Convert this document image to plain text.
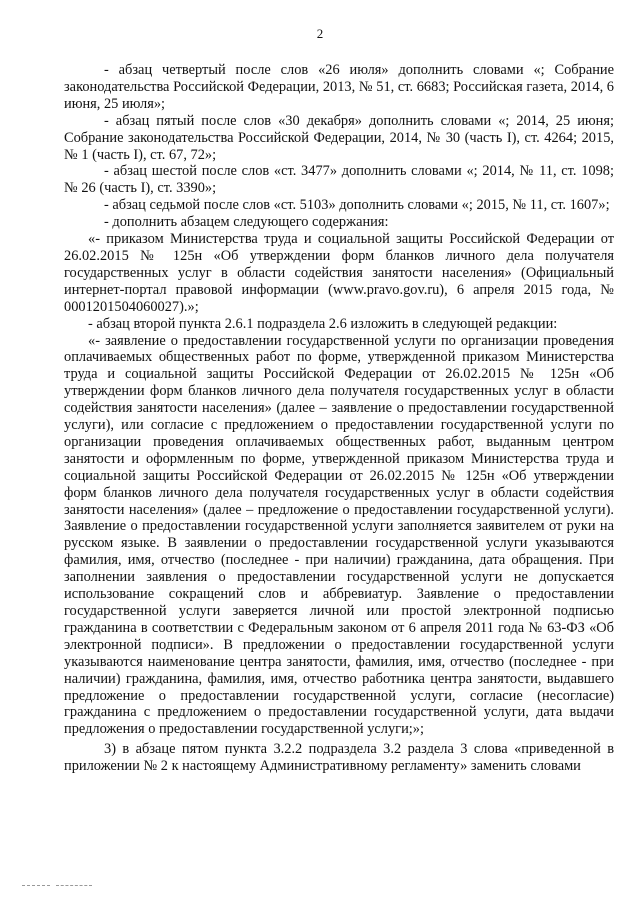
2

- абзац четвертый после слов «26 июля» дополнить словами «; Собрание законодательства Российской Федерации, 2013, № 51, ст. 6683; Российская газета, 2014, 6 июня, 25 июля»;

- абзац пятый после слов «30 декабря» дополнить словами «; 2014, 25 июня; Собрание законодательства Российской Федерации, 2014, № 30 (часть I), ст. 4264; 2015, № 1 (часть I), ст. 67, 72»;

- абзац шестой после слов «ст. 3477» дополнить словами «; 2014, № 11, ст. 1098; № 26 (часть I), ст. 3390»;

- абзац седьмой после слов «ст. 5103» дополнить словами «; 2015, № 11, ст. 1607»;

- дополнить абзацем следующего содержания:

«- приказом Министерства труда и социальной защиты Российской Федерации от 26.02.2015 № 125н «Об утверждении форм бланков личного дела получателя государственных услуг в области содействия занятости населения» (Официальный интернет-портал правовой информации (www.pravo.gov.ru), 6 апреля 2015 года, № 0001201504060027).»;

- абзац второй пункта 2.6.1 подраздела 2.6 изложить в следующей редакции:

«- заявление о предоставлении государственной услуги по организации проведения оплачиваемых общественных работ по форме, утвержденной приказом Министерства труда и социальной защиты Российской Федерации от 26.02.2015 № 125н «Об утверждении форм бланков личного дела получателя государственных услуг в области содействия занятости населения» (далее – заявление о предоставлении государственной услуги), или согласие с предложением о предоставлении государственной услуги по организации проведения оплачиваемых общественных работ, выданным центром занятости и оформленным по форме, утвержденной приказом Министерства труда и социальной защиты Российской Федерации от 26.02.2015 № 125н «Об утверждении форм бланков личного дела получателя государственных услуг в области содействия занятости населения» (далее – предложение о предоставлении государственной услуги). Заявление о предоставлении государственной услуги заполняется заявителем от руки на русском языке. В заявлении о предоставлении государственной услуги указываются фамилия, имя, отчество (последнее - при наличии) гражданина, дата обращения. При заполнении заявления о предоставлении государственной услуги не допускается использование сокращений слов и аббревиатур. Заявление о предоставлении государственной услуги заверяется личной или простой электронной подписью гражданина в соответствии с Федеральным законом от 6 апреля 2011 года № 63-ФЗ «Об электронной подписи». В предложении о предоставлении государственной услуги указываются наименование центра занятости, фамилия, имя, отчество (последнее - при наличии) гражданина, фамилия, имя, отчество работника центра занятости, выдавшего предложение о предоставлении государственной услуги, согласие (несогласие) гражданина с предложением о предоставлении государственной услуги, дата выдачи предложения о предоставлении государственной услуги;»;

3) в абзаце пятом пункта 3.2.2 подраздела 3.2 раздела 3 слова «приведенной в приложении № 2 к настоящему Административному регламенту» заменить словами
